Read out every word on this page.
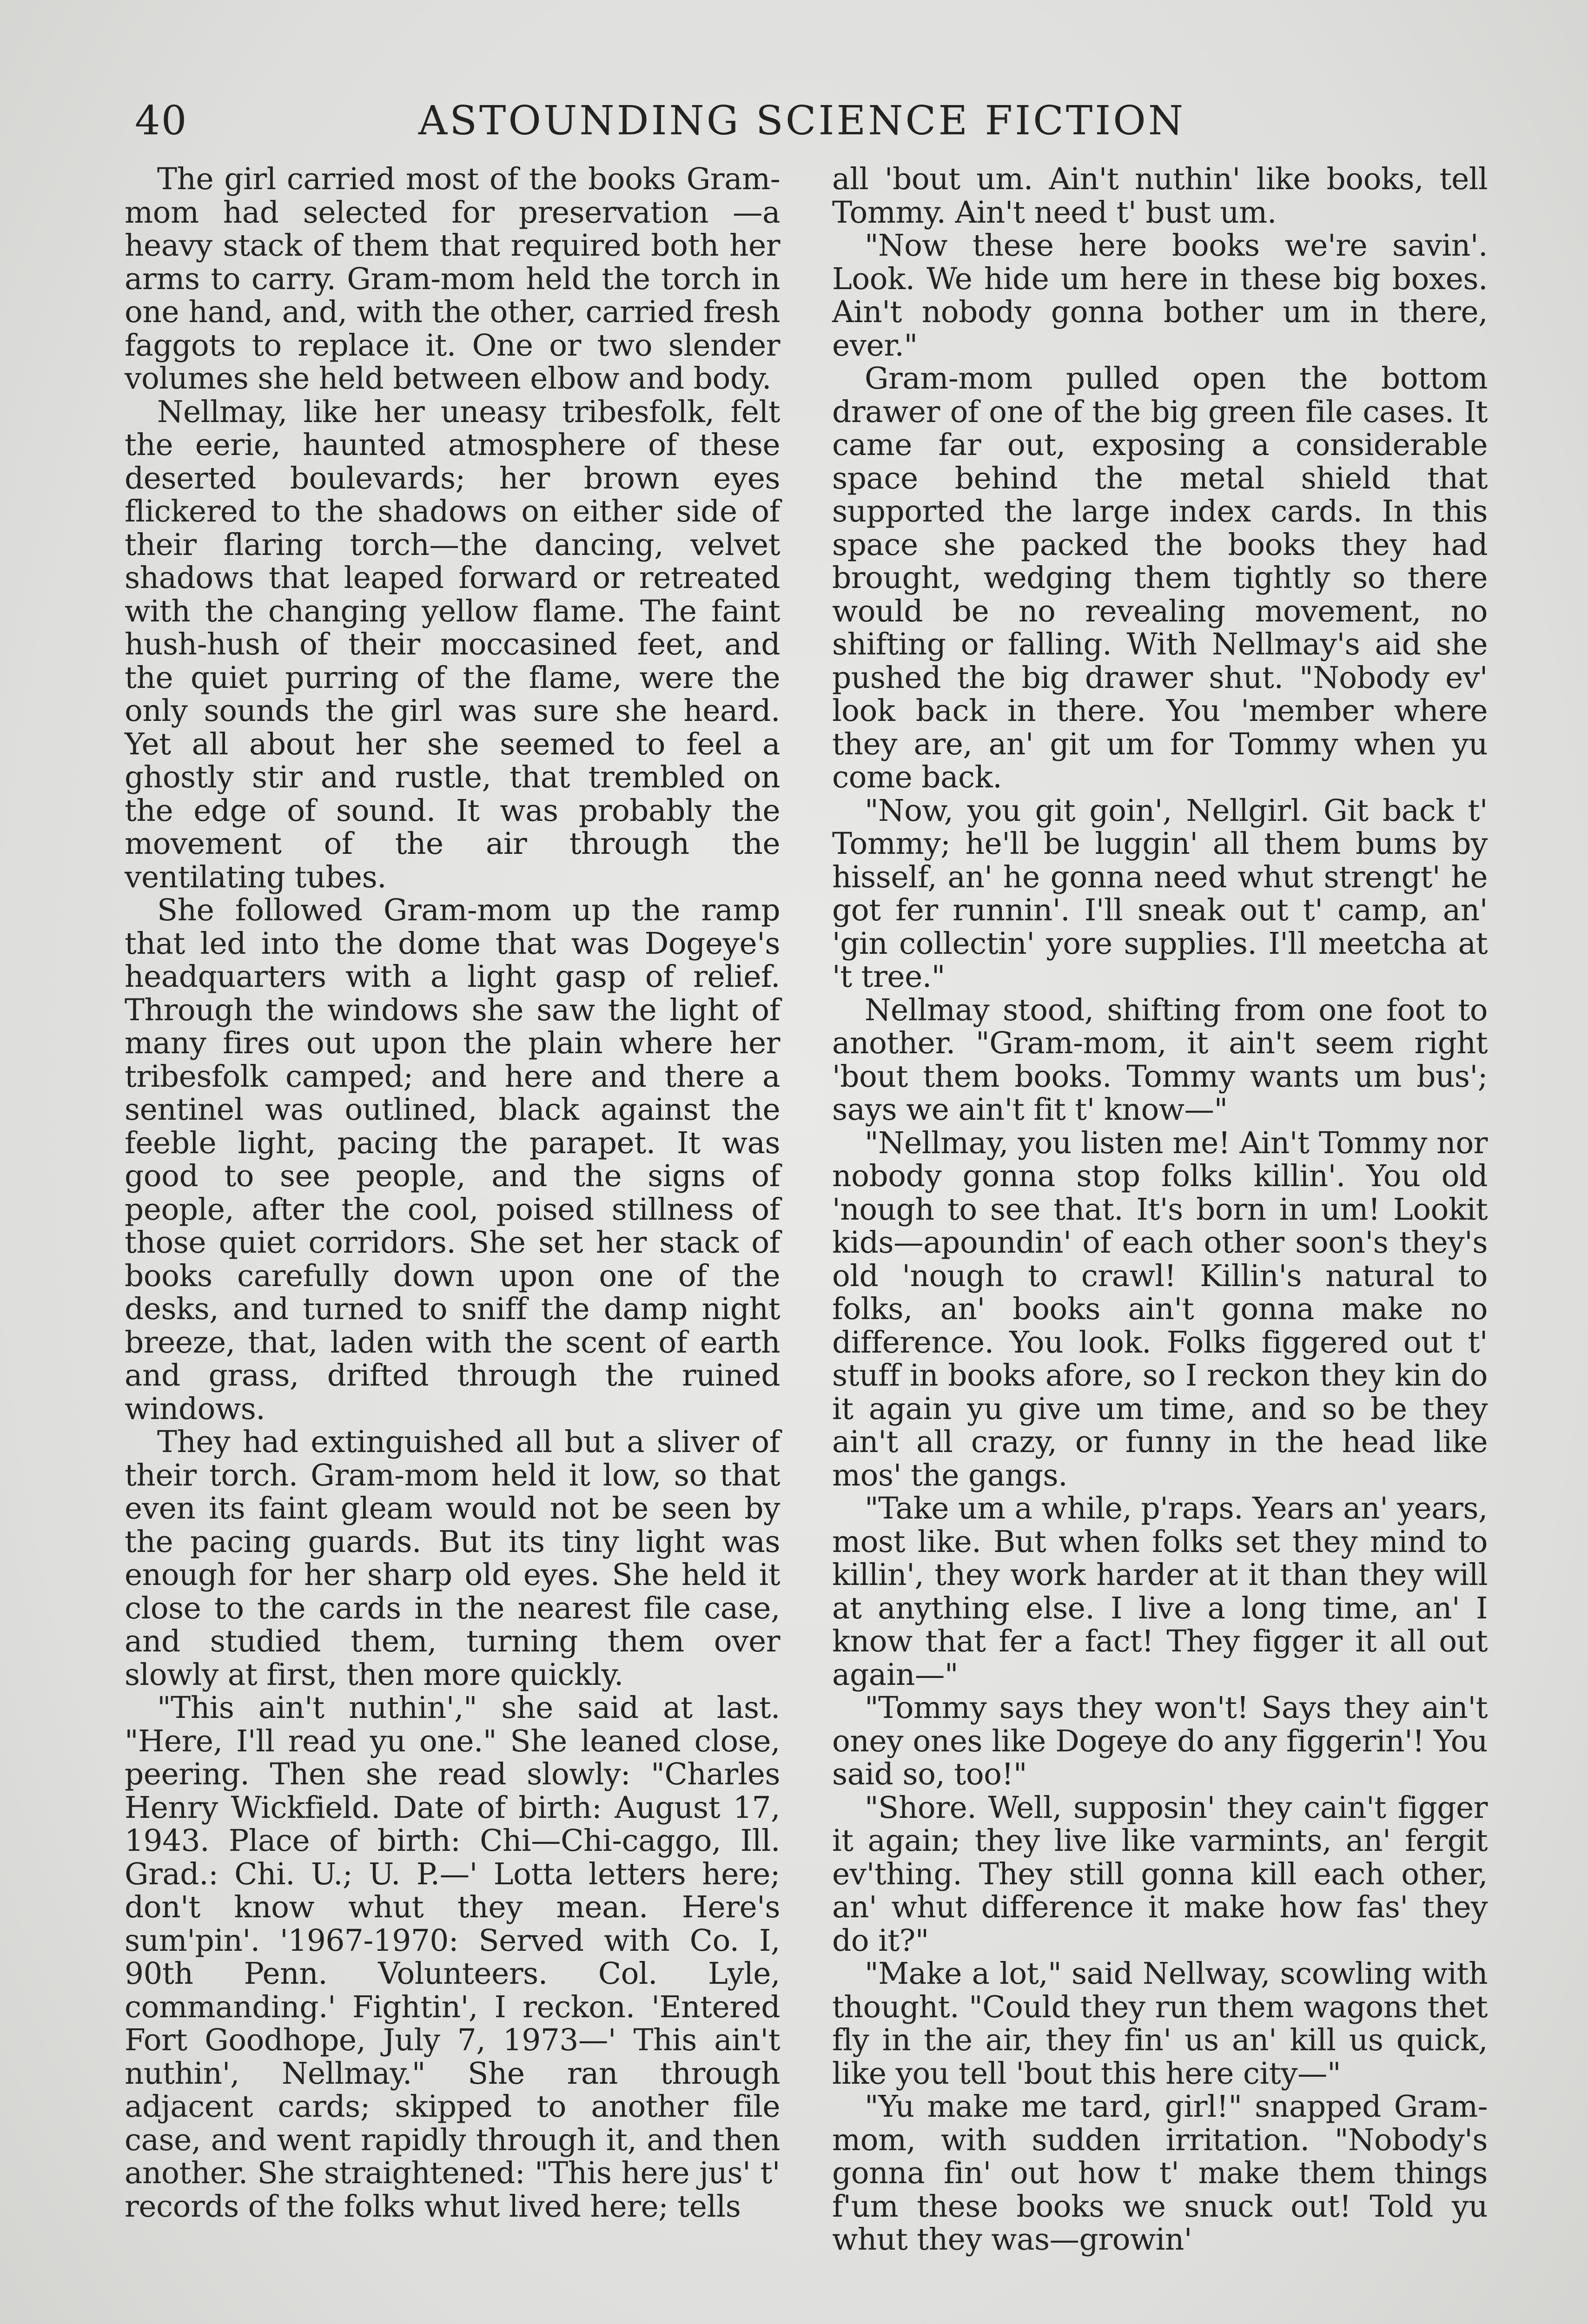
40	ASTOUNDING SCIENCE FICTION

The girl carried most of the books Gram-mom had selected for preservation —a heavy stack of them that required both her arms to carry. Gram-mom held the torch in one hand, and, with the other, carried fresh faggots to replace it. One or two slender volumes she held between elbow and body.

Nellmay, like her uneasy tribesfolk, felt the eerie, haunted atmosphere of these deserted boulevards; her brown eyes flickered to the shadows on either side of their flaring torch—the dancing, velvet shadows that leaped forward or retreated with the changing yellow flame. The faint hush-hush of their moccasined feet, and the quiet purring of the flame, were the only sounds the girl was sure she heard. Yet all about her she seemed to feel a ghostly stir and rustle, that trembled on the edge of sound. It was probably the movement of the air through the ventilating tubes.

She followed Gram-mom up the ramp that led into the dome that was Dogeye's headquarters with a light gasp of relief. Through the windows she saw the light of many fires out upon the plain where her tribesfolk camped; and here and there a sentinel was outlined, black against the feeble light, pacing the parapet. It was good to see people, and the signs of people, after the cool, poised stillness of those quiet corridors. She set her stack of books carefully down upon one of the desks, and turned to sniff the damp night breeze, that, laden with the scent of earth and grass, drifted through the ruined windows.

They had extinguished all but a sliver of their torch. Gram-mom held it low, so that even its faint gleam would not be seen by the pacing guards. But its tiny light was enough for her sharp old eyes. She held it close to the cards in the nearest file case, and studied them, turning them over slowly at first, then more quickly.

"This ain't nuthin'," she said at last. "Here, I'll read yu one." She leaned close, peering. Then she read slowly: "Charles Henry Wickfield. Date of birth: August 17, 1943. Place of birth: Chi—Chi-caggo, Ill. Grad.: Chi. U.; U. P.—' Lotta letters here; don't know whut they mean. Here's sum'pin'. '1967-1970: Served with Co. I, 90th Penn. Volunteers. Col. Lyle, commanding.' Fightin', I reckon. 'Entered Fort Goodhope, July 7, 1973—' This ain't nuthin', Nellmay." She ran through adjacent cards; skipped to another file case, and went rapidly through it, and then another. She straightened: "This here jus' t' records of the folks whut lived here; tells

all 'bout um. Ain't nuthin' like books, tell Tommy. Ain't need t' bust um.

"Now these here books we're savin'. Look. We hide um here in these big boxes. Ain't nobody gonna bother um in there, ever."

Gram-mom pulled open the bottom drawer of one of the big green file cases. It came far out, exposing a considerable space behind the metal shield that supported the large index cards. In this space she packed the books they had brought, wedging them tightly so there would be no revealing movement, no shifting or falling. With Nellmay's aid she pushed the big drawer shut. "Nobody ev' look back in there. You 'member where they are, an' git um for Tommy when yu come back.

"Now, you git goin', Nellgirl. Git back t' Tommy; he'll be luggin' all them bums by hisself, an' he gonna need whut strengt' he got fer runnin'. I'll sneak out t' camp, an' 'gin collectin' yore supplies. I'll meetcha at 't tree."

Nellmay stood, shifting from one foot to another. "Gram-mom, it ain't seem right 'bout them books. Tommy wants um bus'; says we ain't fit t' know—"

"Nellmay, you listen me! Ain't Tommy nor nobody gonna stop folks killin'. You old 'nough to see that. It's born in um! Lookit kids—apoundin' of each other soon's they's old 'nough to crawl! Killin's natural to folks, an' books ain't gonna make no difference. You look. Folks figgered out t' stuff in books afore, so I reckon they kin do it again yu give um time, and so be they ain't all crazy, or funny in the head like mos' the gangs.

"Take um a while, p'raps. Years an' years, most like. But when folks set they mind to killin', they work harder at it than they will at anything else. I live a long time, an' I know that fer a fact! They figger it all out again—"

"Tommy says they won't! Says they ain't oney ones like Dogeye do any figgerin'! You said so, too!"

"Shore. Well, supposin' they cain't figger it again; they live like varmints, an' fergit ev'thing. They still gonna kill each other, an' whut difference it make how fas' they do it?"

"Make a lot," said Nellway, scowling with thought. "Could they run them wagons thet fly in the air, they fin' us an' kill us quick, like you tell 'bout this here city—"

"Yu make me tard, girl!" snapped Gram-mom, with sudden irritation. "Nobody's gonna fin' out how t' make them things f'um these books we snuck out! Told yu whut they was—growin'
